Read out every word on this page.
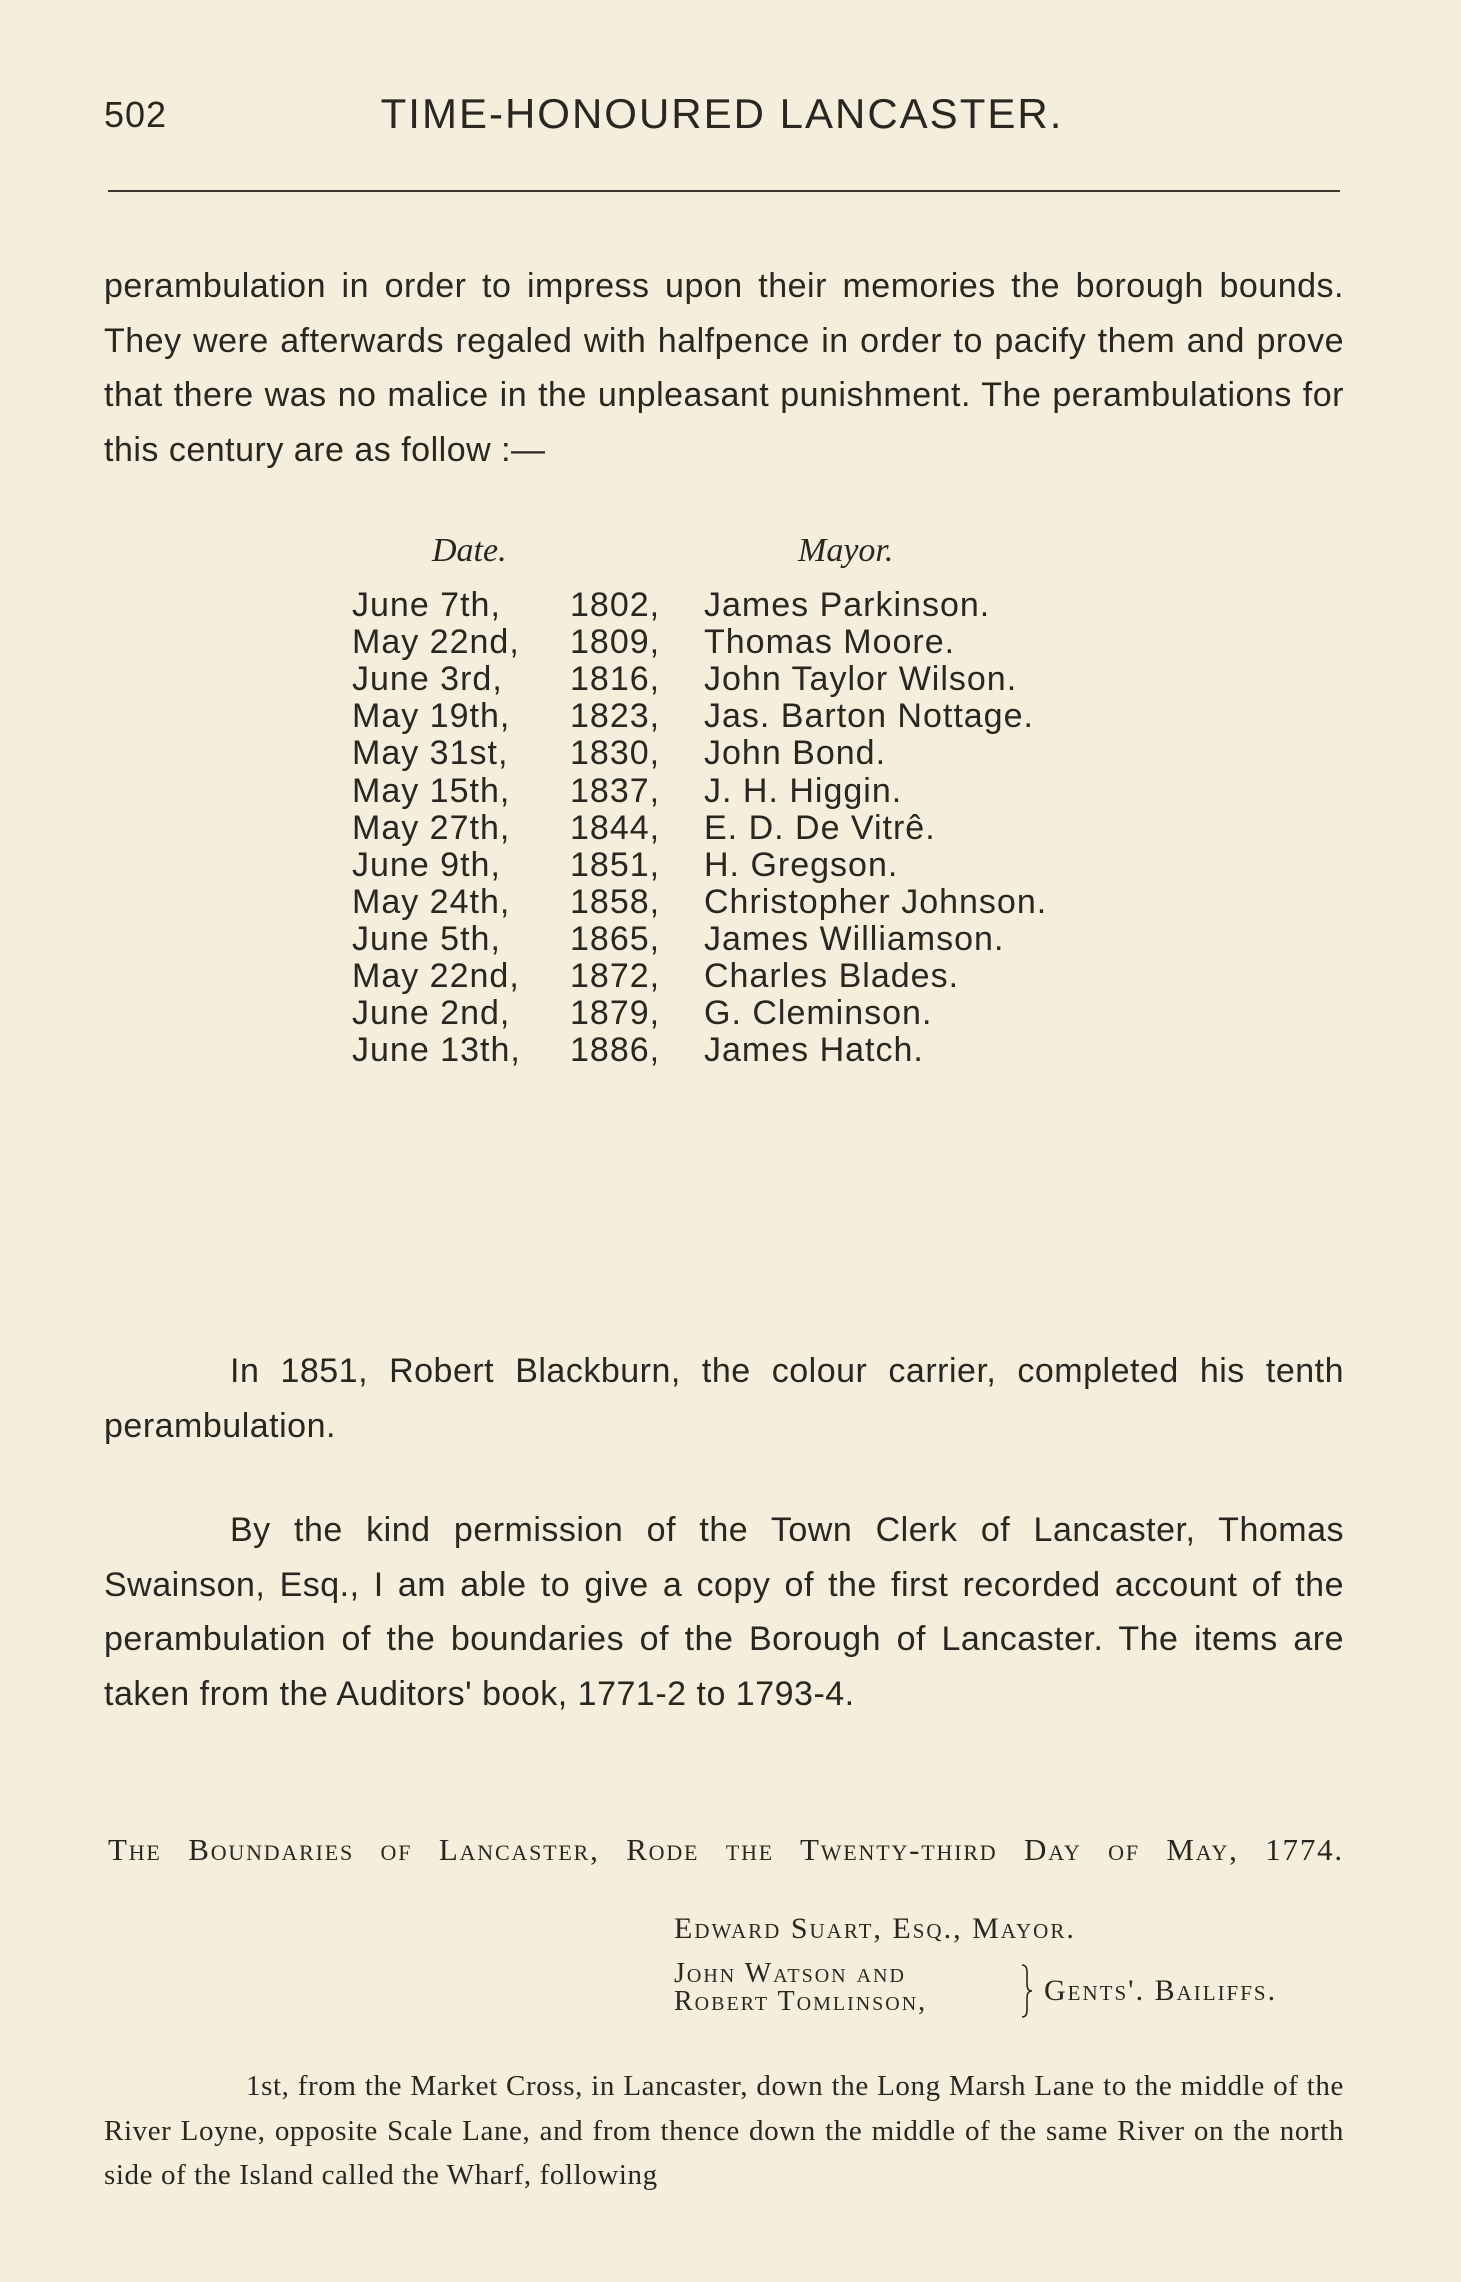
502	TIME-HONOURED LANCASTER.

perambulation in order to impress upon their memories the borough bounds. They were afterwards regaled with halfpence in order to pacify them and prove that there was no malice in the unpleasant punishment. The perambulations for this century are as follow :—

Date.	Mayor.
June 7th, 1802, James Parkinson.
May 22nd, 1809, Thomas Moore.
June 3rd, 1816, John Taylor Wilson.
May 19th, 1823, Jas. Barton Nottage.
May 31st, 1830, John Bond.
May 15th, 1837, J. H. Higgin.
May 27th, 1844, E. D. De Vitrê.
June 9th, 1851, H. Gregson.
May 24th, 1858, Christopher Johnson.
June 5th, 1865, James Williamson.
May 22nd, 1872, Charles Blades.
June 2nd, 1879, G. Cleminson.
June 13th, 1886, James Hatch.

In 1851, Robert Blackburn, the colour carrier, completed his tenth perambulation.

By the kind permission of the Town Clerk of Lancaster, Thomas Swainson, Esq., I am able to give a copy of the first recorded account of the perambulation of the boundaries of the Borough of Lancaster. The items are taken from the Auditors' book, 1771-2 to 1793-4.

The Boundaries of Lancaster, Rode the Twenty-third Day of May, 1774.
Edward Suart, Esq., Mayor.
John Watson and
Robert Tomlinson,	Gents'. Bailiffs.

1st, from the Market Cross, in Lancaster, down the Long Marsh Lane to the middle of the River Loyne, opposite Scale Lane, and from thence down the middle of the same River on the north side of the Island called the Wharf, following
